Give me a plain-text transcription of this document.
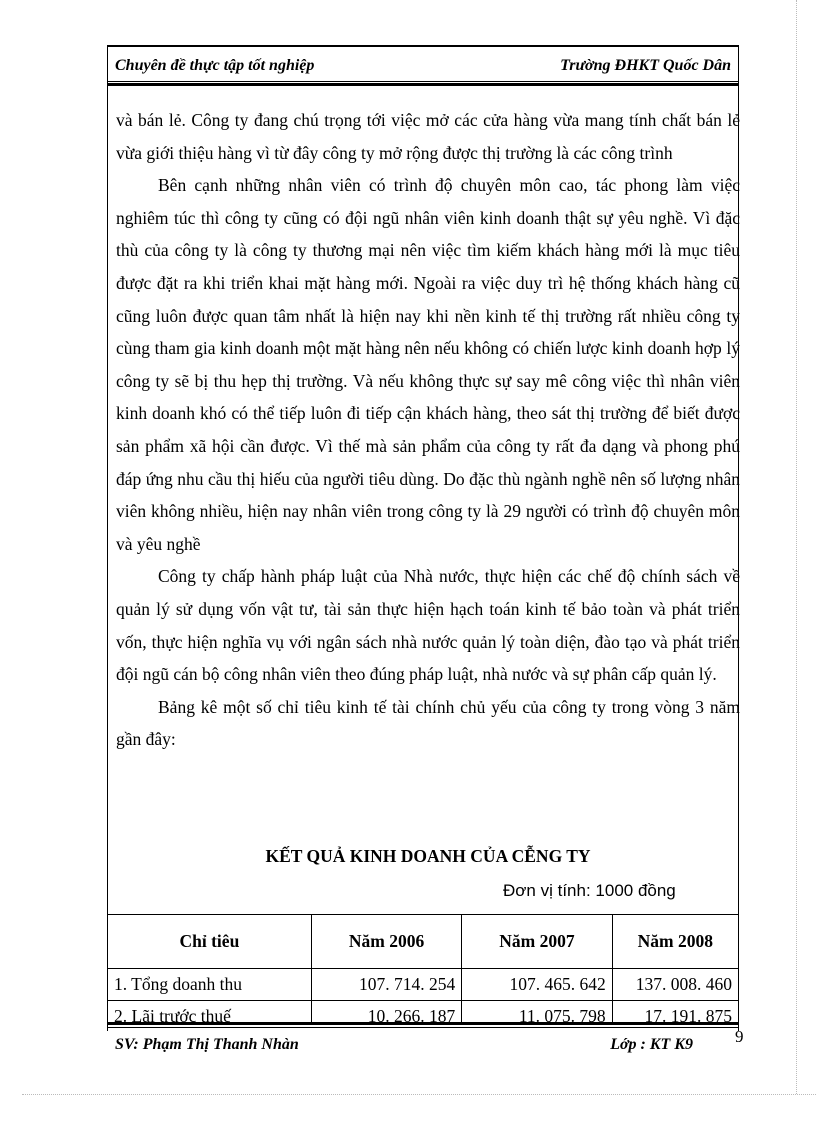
Chuyên đề thực tập tốt nghiệp	Trường ĐHKT Quốc Dân

và bán lẻ. Công ty đang chú trọng tới việc mở các cửa hàng vừa mang tính chất bán lẻ vừa giới thiệu hàng vì từ đây công ty mở rộng được thị trường là các công trình

Bên cạnh những nhân viên có trình độ chuyên môn cao, tác phong làm việc nghiêm túc thì công ty cũng có đội ngũ nhân viên kinh doanh thật sự yêu nghề. Vì đặc thù của công ty là công ty thương mại nên việc tìm kiếm khách hàng mới là mục tiêu được đặt ra khi triển khai mặt hàng mới. Ngoài ra việc duy trì hệ thống khách hàng cũ cũng luôn được quan tâm nhất là hiện nay khi nền kinh tế thị trường rất nhiều công ty cùng tham gia kinh doanh một mặt hàng nên nếu không có chiến lược kinh doanh hợp lý công ty sẽ bị thu hẹp thị trường. Và nếu không thực sự say mê công việc thì nhân viên kinh doanh khó có thể tiếp luôn đi tiếp cận khách hàng, theo sát thị trường để biết được sản phẩm xã hội cần được. Vì thế mà sản phẩm của công ty rất đa dạng và phong phú đáp ứng nhu cầu thị hiếu của người tiêu dùng. Do đặc thù ngành nghề nên số lượng nhân viên không nhiều, hiện nay nhân viên trong công ty là 29 người có trình độ chuyên môn và yêu nghề

Công ty chấp hành pháp luật của Nhà nước, thực hiện các chế độ chính sách về quản lý sử dụng vốn vật tư, tài sản thực hiện hạch toán kinh tế bảo toàn và phát triển vốn, thực hiện nghĩa vụ với ngân sách nhà nước quản lý toàn diện, đào tạo và phát triển đội ngũ cán bộ công nhân viên theo đúng pháp luật, nhà nước và sự phân cấp quản lý.

Bảng kê một số chỉ tiêu kinh tế tài chính chủ yếu của công ty trong vòng 3 năm gần đây:

KẾT QUẢ KINH DOANH CỦA CỄNG TY
Đơn vị tính: 1000 đồng
Chỉ tiêu	Năm 2006	Năm 2007	Năm 2008
1. Tổng doanh thu	107. 714. 254	107. 465. 642	137. 008. 460
2. Lãi trước thuế	10. 266. 187	11. 075. 798	17. 191. 875
SV: Phạm Thị Thanh Nhàn	Lớp : KT K9 9
